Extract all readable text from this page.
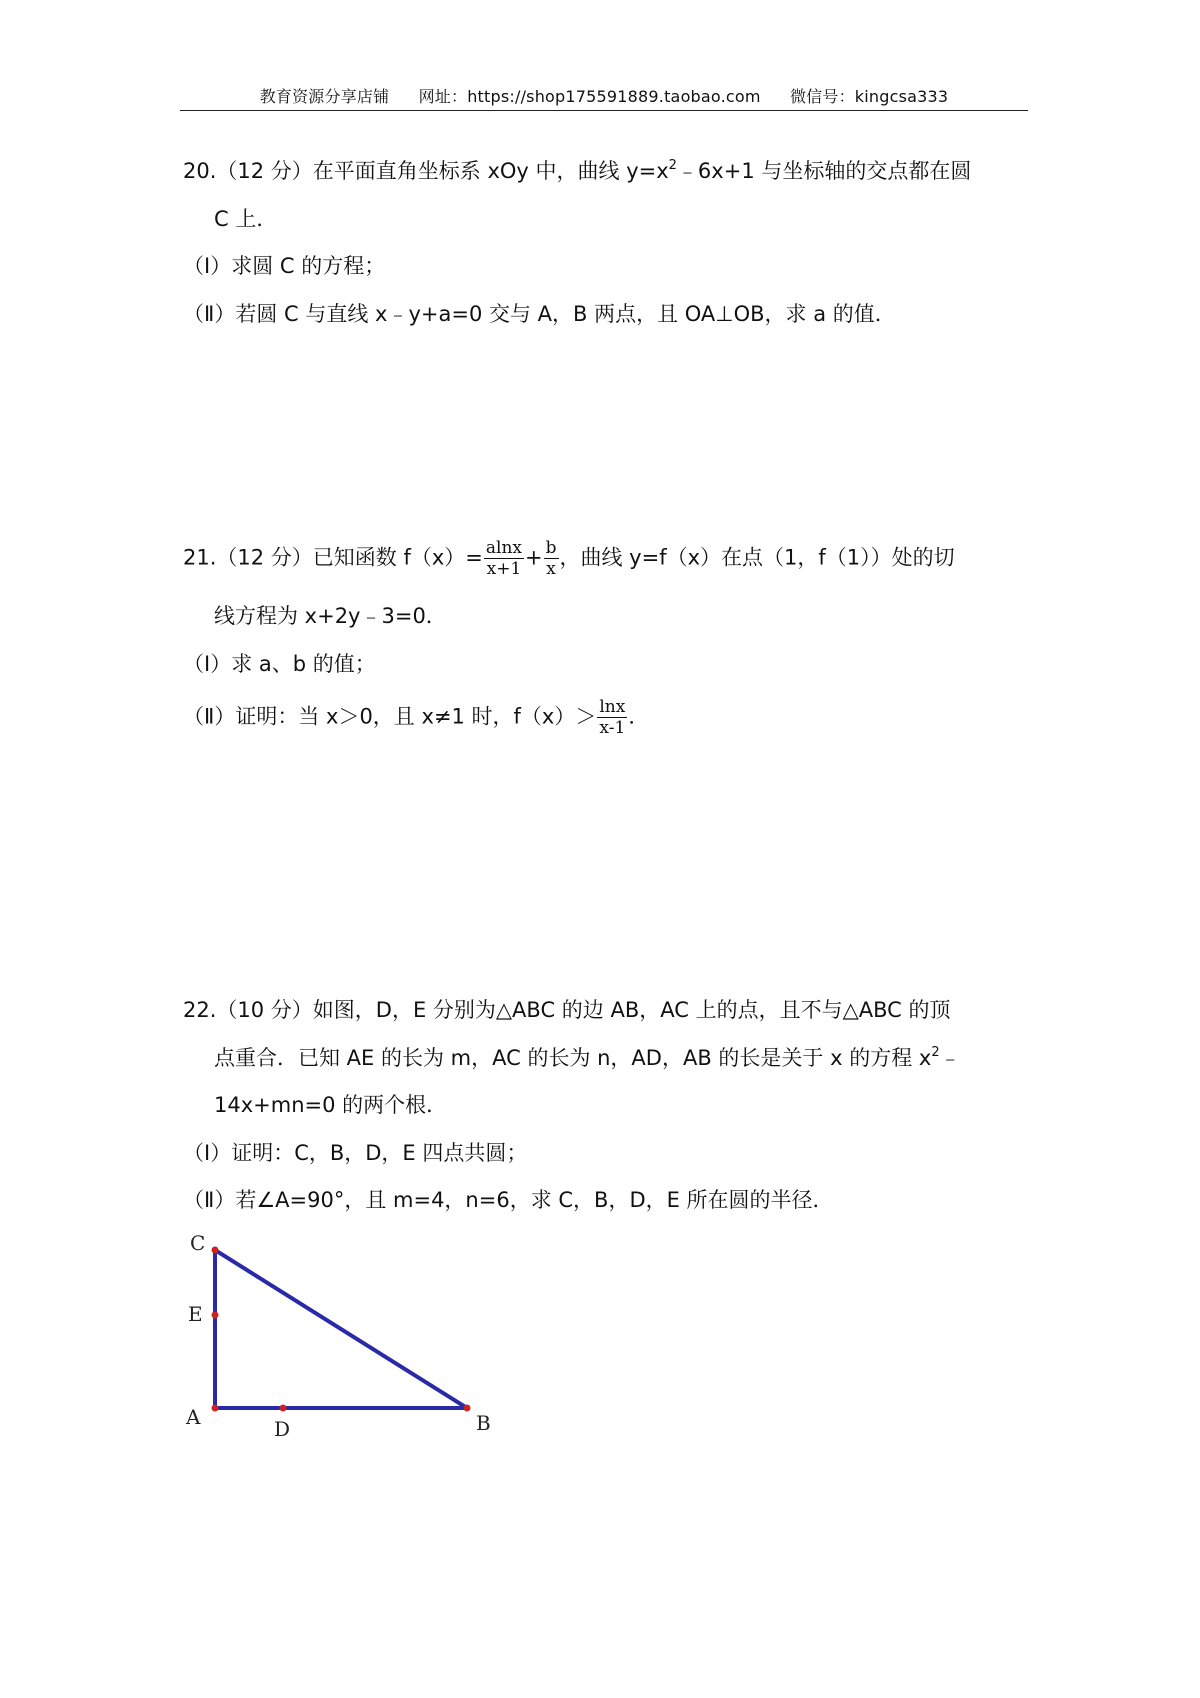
教育资源分享店铺 网址：https://shop175591889.taobao.com 微信号：kingcsa333
20.（12 分）在平面直角坐标系 xOy 中，曲线 $y=x^2﹣6x+1$ 与坐标轴的交点都在圆
C 上．
（Ⅰ）求圆 C 的方程；
（Ⅱ）若圆 C 与直线 x﹣y+a=0 交与 A，B 两点，且 OA⊥OB，求 a 的值．
21.（12 分）已知函数 $f(x)= \frac{alnx}{x+1} + \frac{b}{x}$ ，曲线 y=f（x）在点（1，f（1））处的切
线方程为 x+2y﹣3=0．
（Ⅰ）求 a、b 的值；
（Ⅱ）证明：当 x＞0，且 x≠1 时，$f(x)> \frac{\ln x}{x-1}$ ．
22.（10 分）如图，D，E 分别为△ABC 的边 AB，AC 上的点，且不与△ABC 的顶
点重合．已知 AE 的长为 m，AC 的长为 n，AD，AB 的长是关于 x 的方程 $x^2﹣$
14x+mn=0 的两个根．
（Ⅰ）证明：C，B，D，E 四点共圆；
（Ⅱ）若∠A=90°，且 m=4，n=6，求 C，B，D，E 所在圆的半径．
C
E
A	D	B
